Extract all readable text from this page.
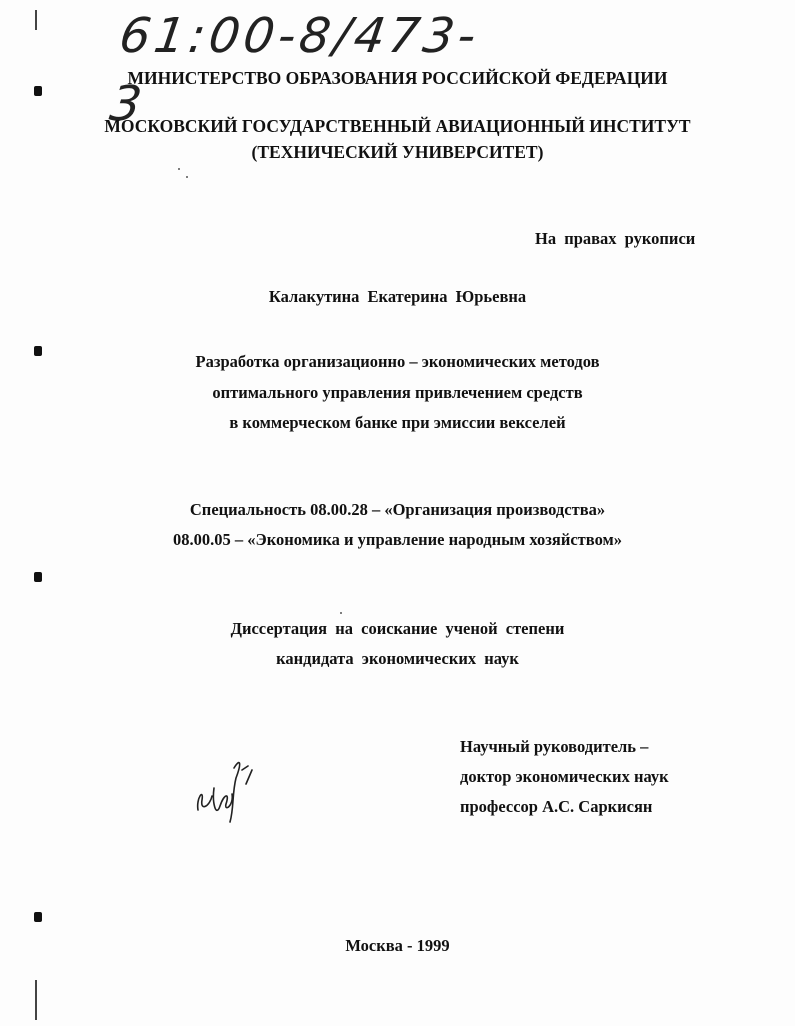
61:00-8/473-3
МИНИСТЕРСТВО ОБРАЗОВАНИЯ РОССИЙСКОЙ ФЕДЕРАЦИИ
МОСКОВСКИЙ ГОСУДАРСТВЕННЫЙ АВИАЦИОННЫЙ ИНСТИТУТ
(ТЕХНИЧЕСКИЙ УНИВЕРСИТЕТ)
На правах рукописи
Калакутина Екатерина Юрьевна
Разработка организационно – экономических методов
оптимального управления привлечением средств
в коммерческом банке при эмиссии векселей
Специальность 08.00.28 – «Организация производства»
08.00.05 – «Экономика и управление народным хозяйством»
Диссертация на соискание ученой степени
кандидата экономических наук
Научный руководитель –
доктор экономических наук
профессор А.С. Саркисян
Москва - 1999
